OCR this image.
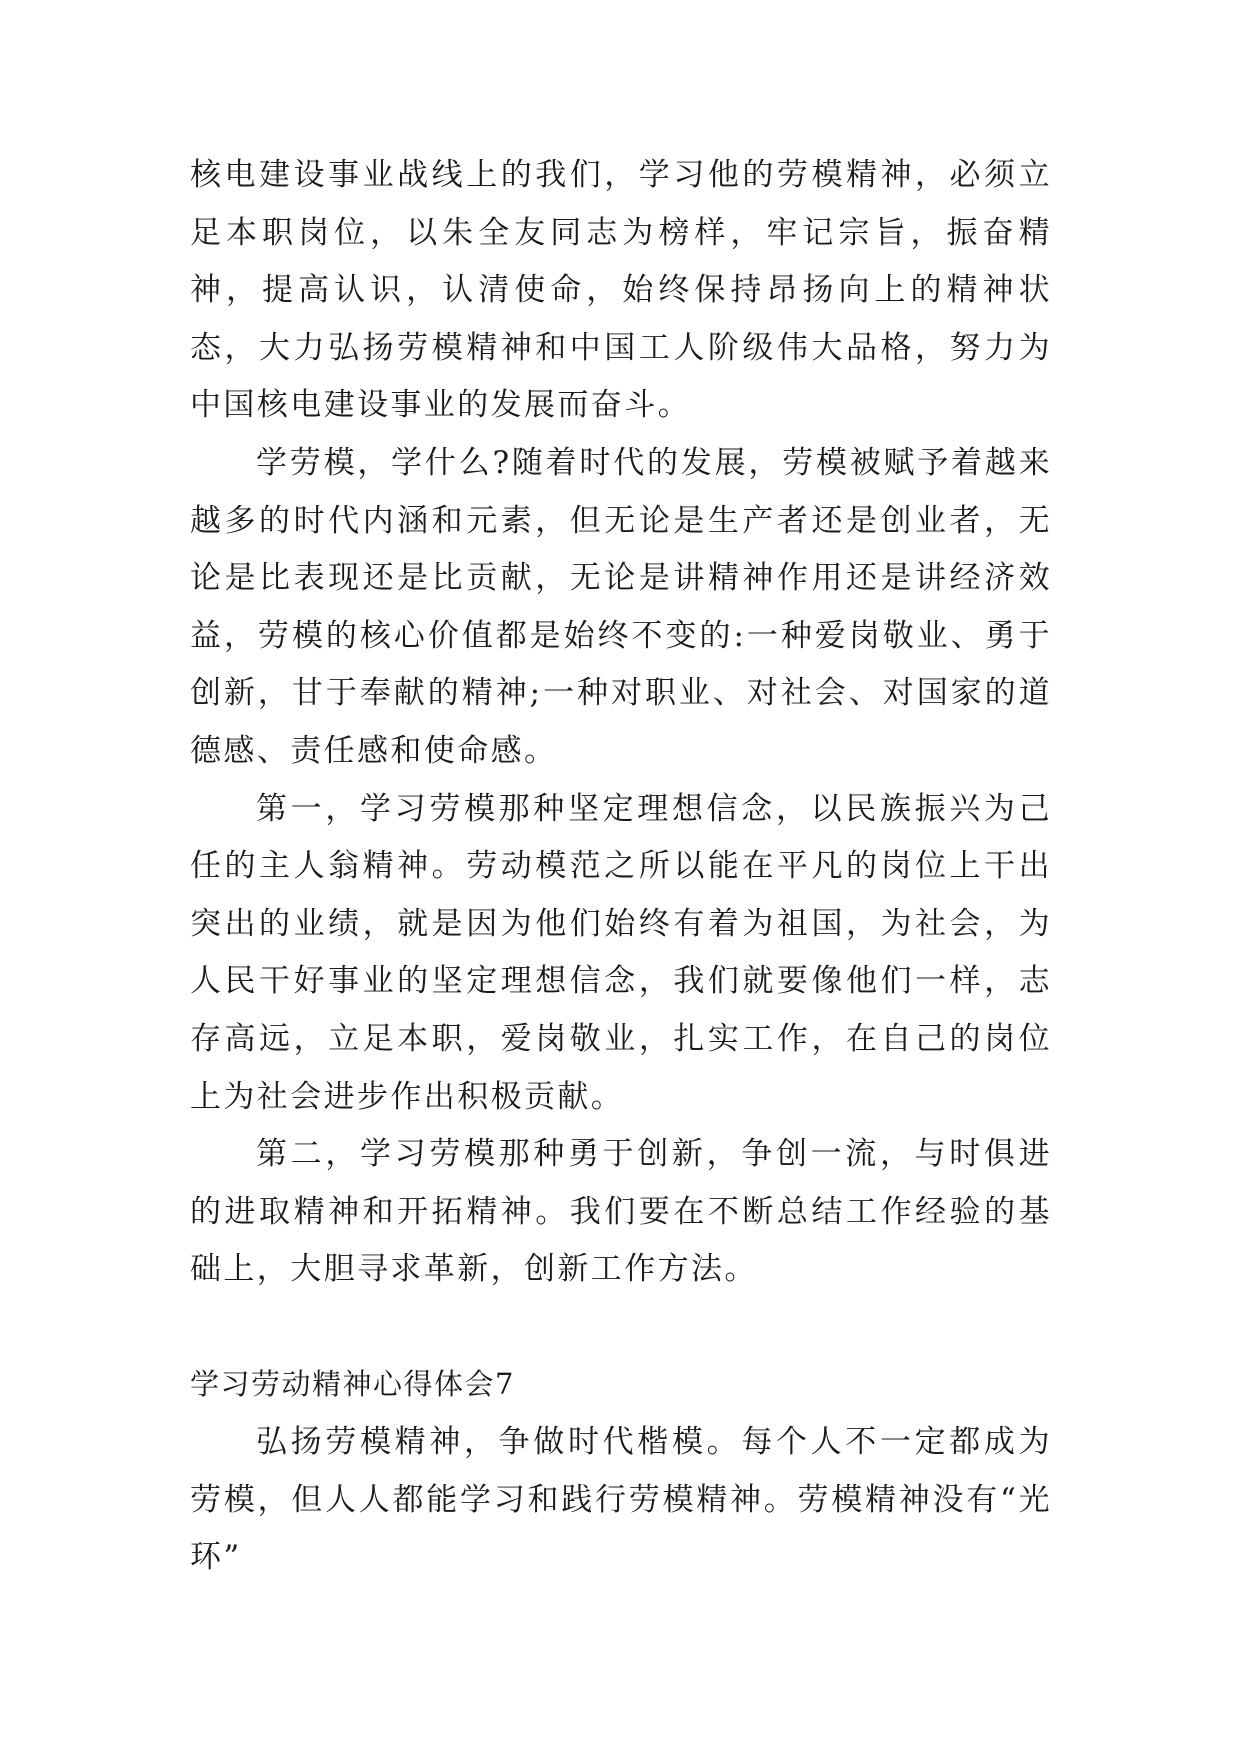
核电建设事业战线上的我们，学习他的劳模精神，必须立足本职岗位，以朱全友同志为榜样，牢记宗旨，振奋精神，提高认识，认清使命，始终保持昂扬向上的精神状态，大力弘扬劳模精神和中国工人阶级伟大品格，努力为中国核电建设事业的发展而奋斗。

学劳模，学什么?随着时代的发展，劳模被赋予着越来越多的时代内涵和元素，但无论是生产者还是创业者，无论是比表现还是比贡献，无论是讲精神作用还是讲经济效益，劳模的核心价值都是始终不变的:一种爱岗敬业、勇于创新，甘于奉献的精神;一种对职业、对社会、对国家的道德感、责任感和使命感。

第一，学习劳模那种坚定理想信念，以民族振兴为己任的主人翁精神。劳动模范之所以能在平凡的岗位上干出突出的业绩，就是因为他们始终有着为祖国，为社会，为人民干好事业的坚定理想信念，我们就要像他们一样，志存高远，立足本职，爱岗敬业，扎实工作，在自己的岗位上为社会进步作出积极贡献。

第二，学习劳模那种勇于创新，争创一流，与时俱进的进取精神和开拓精神。我们要在不断总结工作经验的基础上，大胆寻求革新，创新工作方法。

学习劳动精神心得体会7

弘扬劳模精神，争做时代楷模。每个人不一定都成为劳模，但人人都能学习和践行劳模精神。劳模精神没有“光环”
